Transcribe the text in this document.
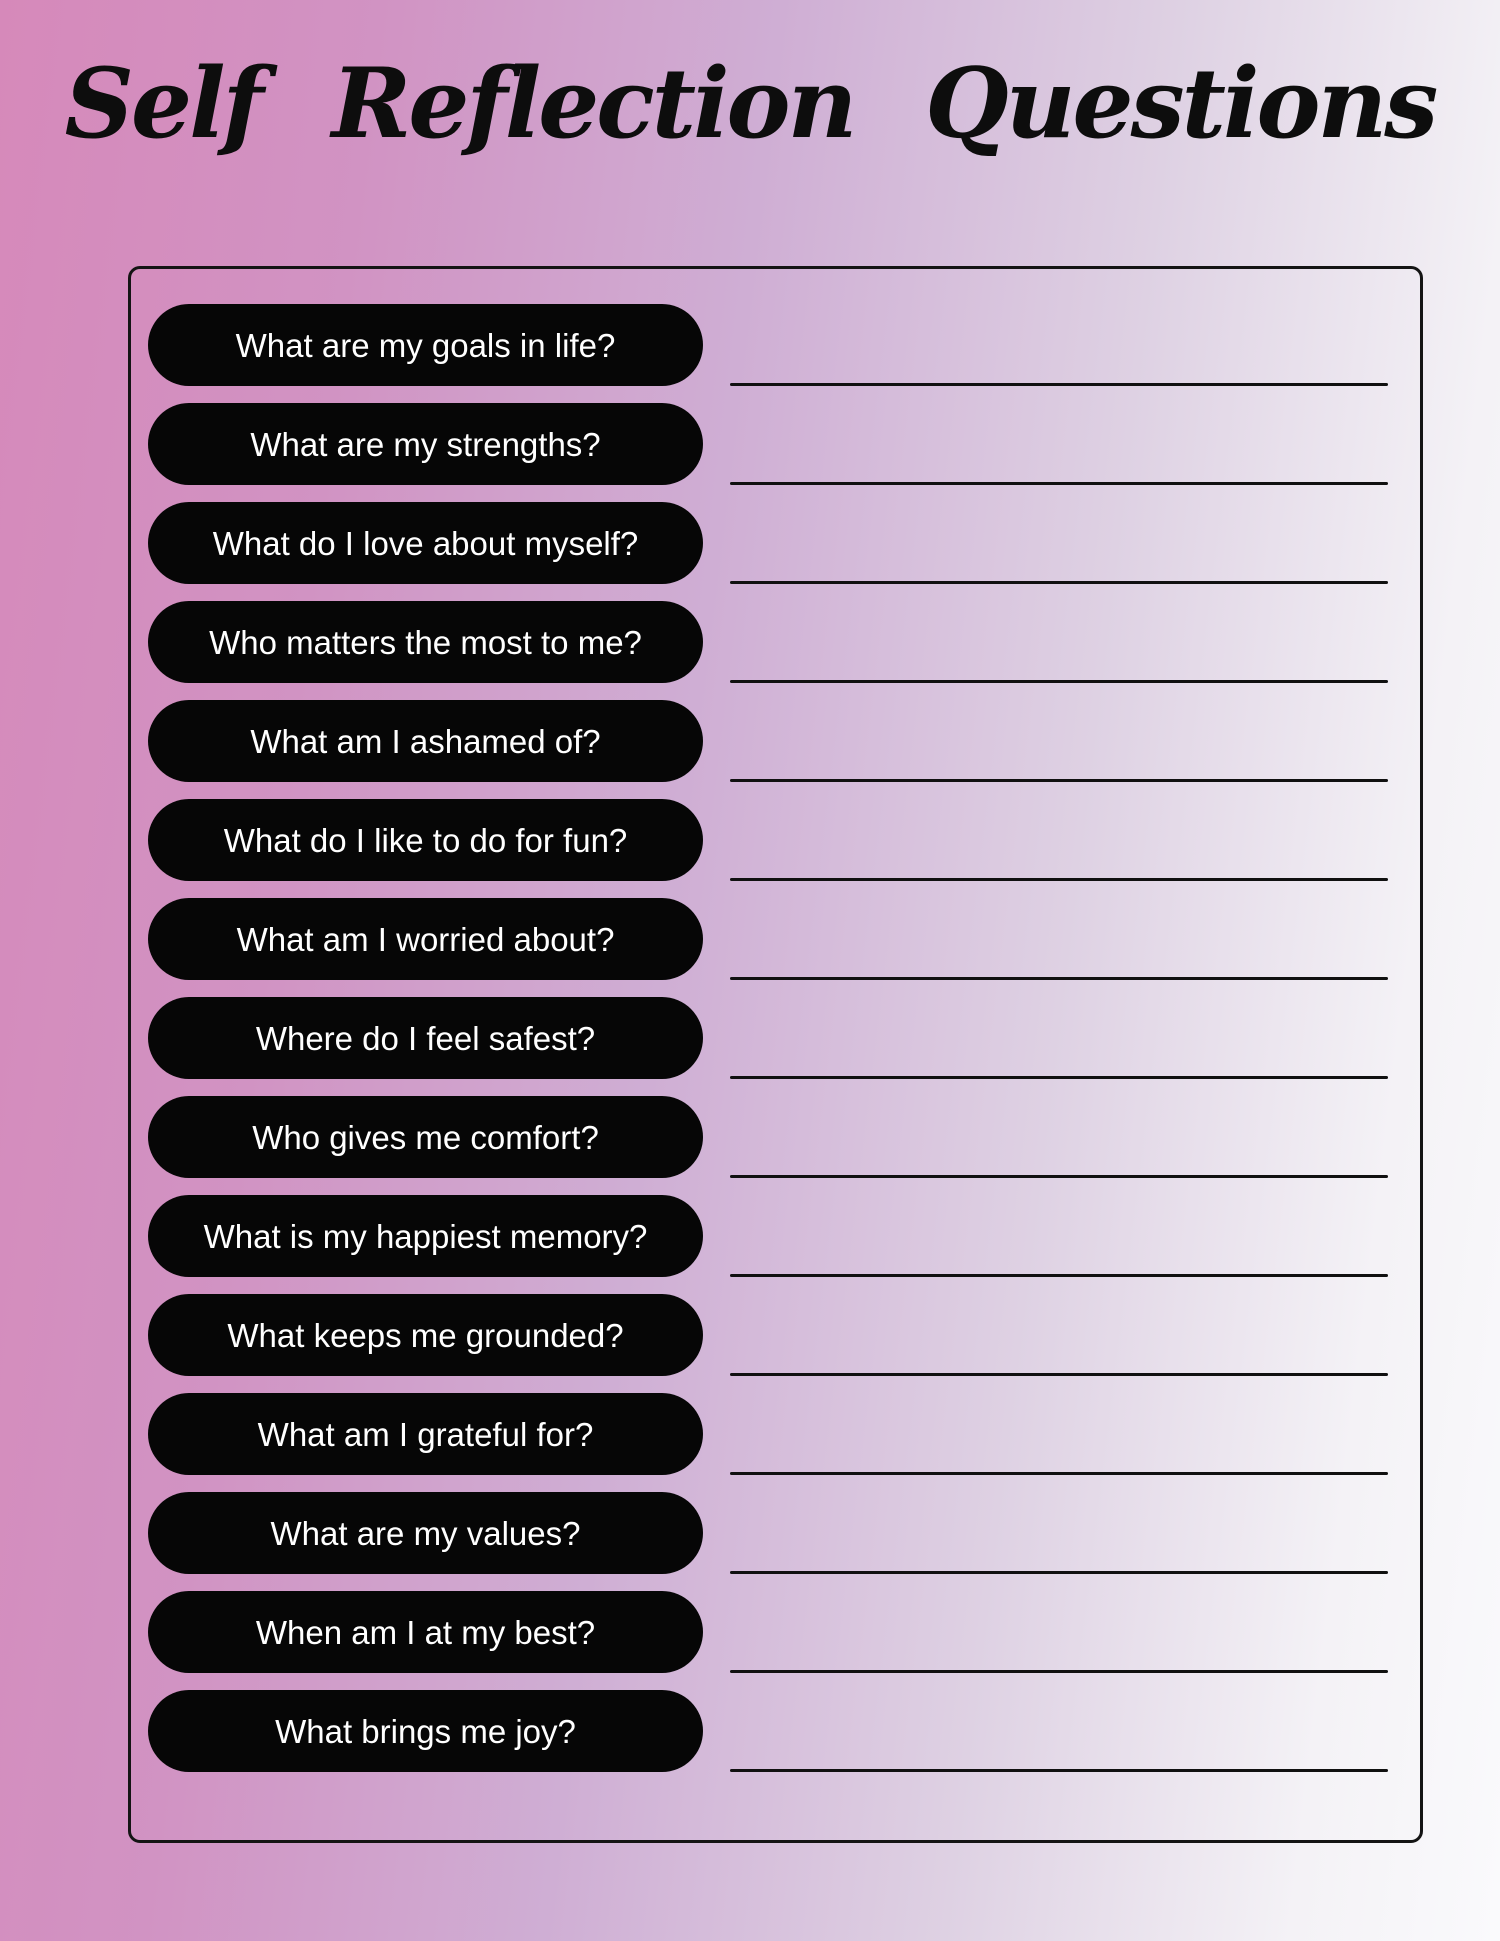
Self Reflection Questions
What are my goals in life?
What are my strengths?
What do I love about myself?
Who matters the most to me?
What am I ashamed of?
What do I like to do for fun?
What am I worried about?
Where do I feel safest?
Who gives me comfort?
What is my happiest memory?
What keeps me grounded?
What am I grateful for?
What are my values?
When am I at my best?
What brings me joy?
